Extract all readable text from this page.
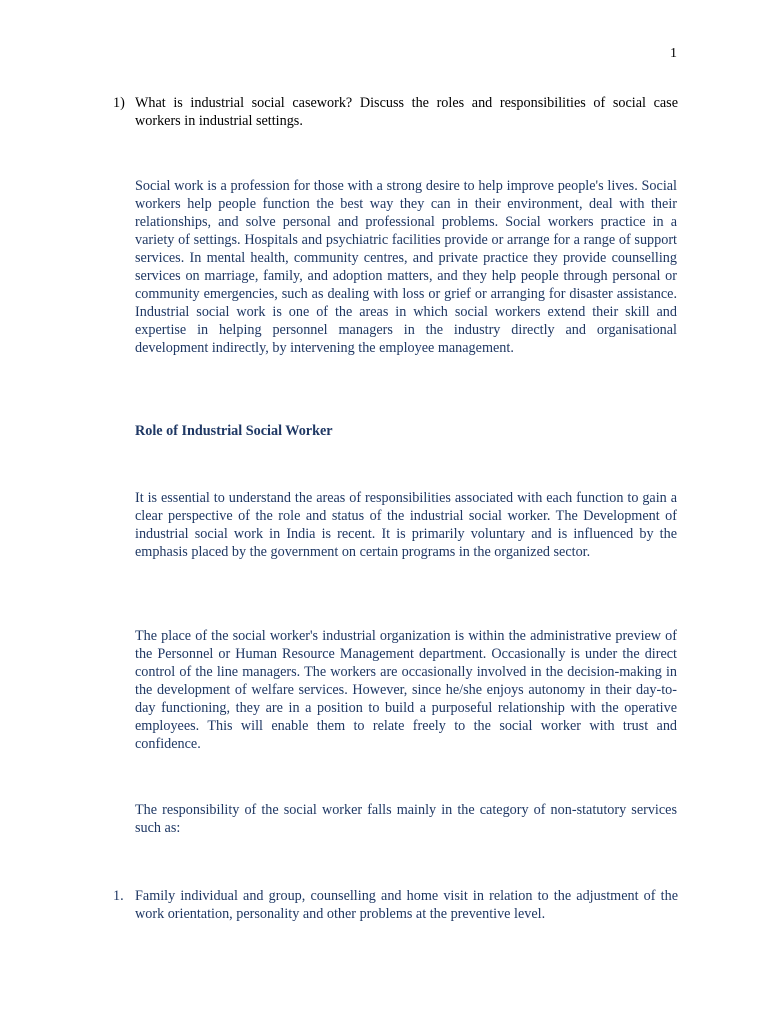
1
1) What is industrial social casework? Discuss the roles and responsibilities of social case workers in industrial settings.
Social work is a profession for those with a strong desire to help improve people's lives. Social workers help people function the best way they can in their environment, deal with their relationships, and solve personal and professional problems. Social workers practice in a variety of settings. Hospitals and psychiatric facilities provide or arrange for a range of support services. In mental health, community centres, and private practice they provide counselling services on marriage, family, and adoption matters, and they help people through personal or community emergencies, such as dealing with loss or grief or arranging for disaster assistance. Industrial social work is one of the areas in which social workers extend their skill and expertise in helping personnel managers in the industry directly and organisational development indirectly, by intervening the employee management.
Role of Industrial Social Worker
It is essential to understand the areas of responsibilities associated with each function to gain a clear perspective of the role and status of the industrial social worker. The Development of industrial social work in India is recent. It is primarily voluntary and is influenced by the emphasis placed by the government on certain programs in the organized sector.
The place of the social worker's industrial organization is within the administrative preview of the Personnel or Human Resource Management department. Occasionally is under the direct control of the line managers. The workers are occasionally involved in the decision-making in the development of welfare services. However, since he/she enjoys autonomy in their day-to-day functioning, they are in a position to build a purposeful relationship with the operative employees. This will enable them to relate freely to the social worker with trust and confidence.
The responsibility of the social worker falls mainly in the category of non-statutory services such as:
1. Family individual and group, counselling and home visit in relation to the adjustment of the work orientation, personality and other problems at the preventive level.
